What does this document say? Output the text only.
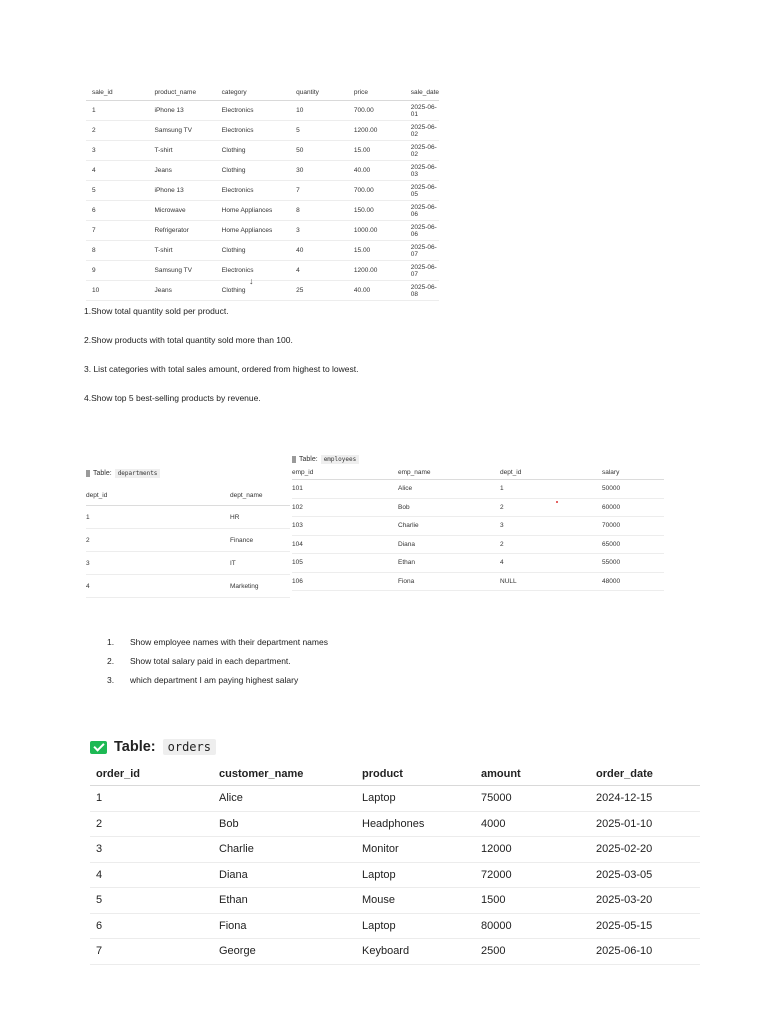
sale_id	product_name	category	quantity	price	sale_date
1	iPhone 13	Electronics	10	700.00	2025-06-01
2	Samsung TV	Electronics	5	1200.00	2025-06-02
3	T-shirt	Clothing	50	15.00	2025-06-02
4	Jeans	Clothing	30	40.00	2025-06-03
5	iPhone 13	Electronics	7	700.00	2025-06-05
6	Microwave	Home Appliances	8	150.00	2025-06-06
7	Refrigerator	Home Appliances	3	1000.00	2025-06-06
8	T-shirt	Clothing	40	15.00	2025-06-07
9	Samsung TV	Electronics	4	1200.00	2025-06-07
10	Jeans	Clothing	25	40.00	2025-06-08
↓
1.Show total quantity sold per product.
2.Show products with total quantity sold more than 100.
3. List categories with total sales amount, ordered from highest to lowest.
4.Show top 5 best-selling products by revenue.
Table:	departments
dept_id	dept_name
1	HR
2	Finance
3	IT
4	Marketing
Table:	employees
emp_id	emp_name	dept_id	salary
101	Alice	1	50000
102	Bob	2	60000
103	Charlie	3	70000
104	Diana	2	65000
105	Ethan	4	55000
106	Fiona	NULL	48000
1. Show employee names with their department names
2. Show total salary paid in each department.
3. which department I am paying highest salary
Table:	orders
order_id	customer_name	product	amount	order_date
1	Alice	Laptop	75000	2024-12-15
2	Bob	Headphones	4000	2025-01-10
3	Charlie	Monitor	12000	2025-02-20
4	Diana	Laptop	72000	2025-03-05
5	Ethan	Mouse	1500	2025-03-20
6	Fiona	Laptop	80000	2025-05-15
7	George	Keyboard	2500	2025-06-10
